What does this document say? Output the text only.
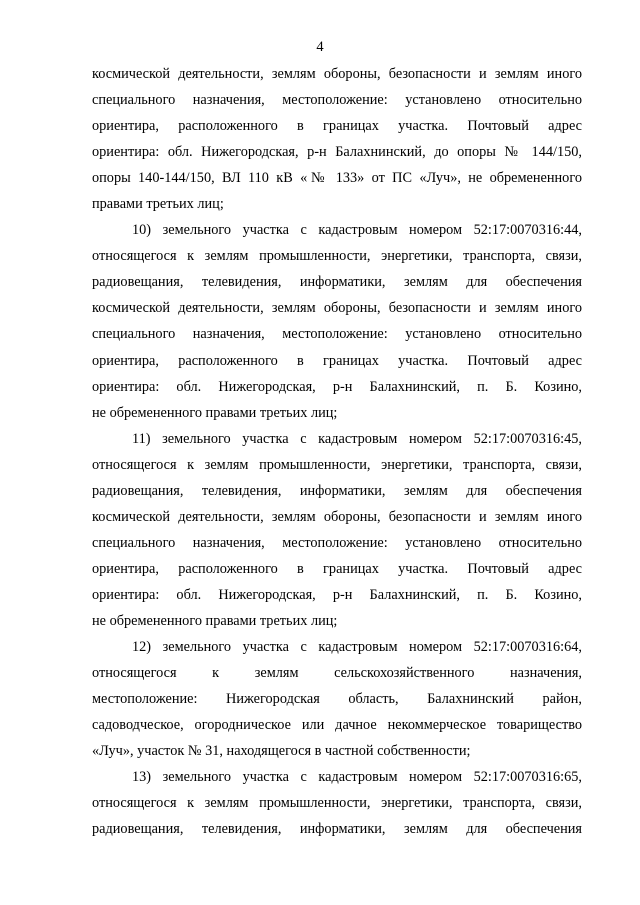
4
космической деятельности, землям обороны, безопасности и землям иного
специального назначения, местоположение: установлено относительно
ориентира, расположенного в границах участка. Почтовый адрес
ориентира: обл. Нижегородская, р-н Балахнинский, до опоры № 144/150,
опоры 140-144/150, ВЛ 110 кВ «№ 133» от ПС «Луч», не обремененного
правами третьих лиц;
10) земельного участка с кадастровым номером 52:17:0070316:44,
относящегося к землям промышленности, энергетики, транспорта, связи,
радиовещания, телевидения, информатики, землям для обеспечения
космической деятельности, землям обороны, безопасности и землям иного
специального назначения, местоположение: установлено относительно
ориентира, расположенного в границах участка. Почтовый адрес
ориентира: обл. Нижегородская, р-н Балахнинский, п. Б. Козино,
не обремененного правами третьих лиц;
11) земельного участка с кадастровым номером 52:17:0070316:45,
относящегося к землям промышленности, энергетики, транспорта, связи,
радиовещания, телевидения, информатики, землям для обеспечения
космической деятельности, землям обороны, безопасности и землям иного
специального назначения, местоположение: установлено относительно
ориентира, расположенного в границах участка. Почтовый адрес
ориентира: обл. Нижегородская, р-н Балахнинский, п. Б. Козино,
не обремененного правами третьих лиц;
12) земельного участка с кадастровым номером 52:17:0070316:64,
относящегося к землям сельскохозяйственного назначения,
местоположение: Нижегородская область, Балахнинский район,
садоводческое, огородническое или дачное некоммерческое товарищество
«Луч», участок № 31, находящегося в частной собственности;
13) земельного участка с кадастровым номером 52:17:0070316:65,
относящегося к землям промышленности, энергетики, транспорта, связи,
радиовещания, телевидения, информатики, землям для обеспечения
